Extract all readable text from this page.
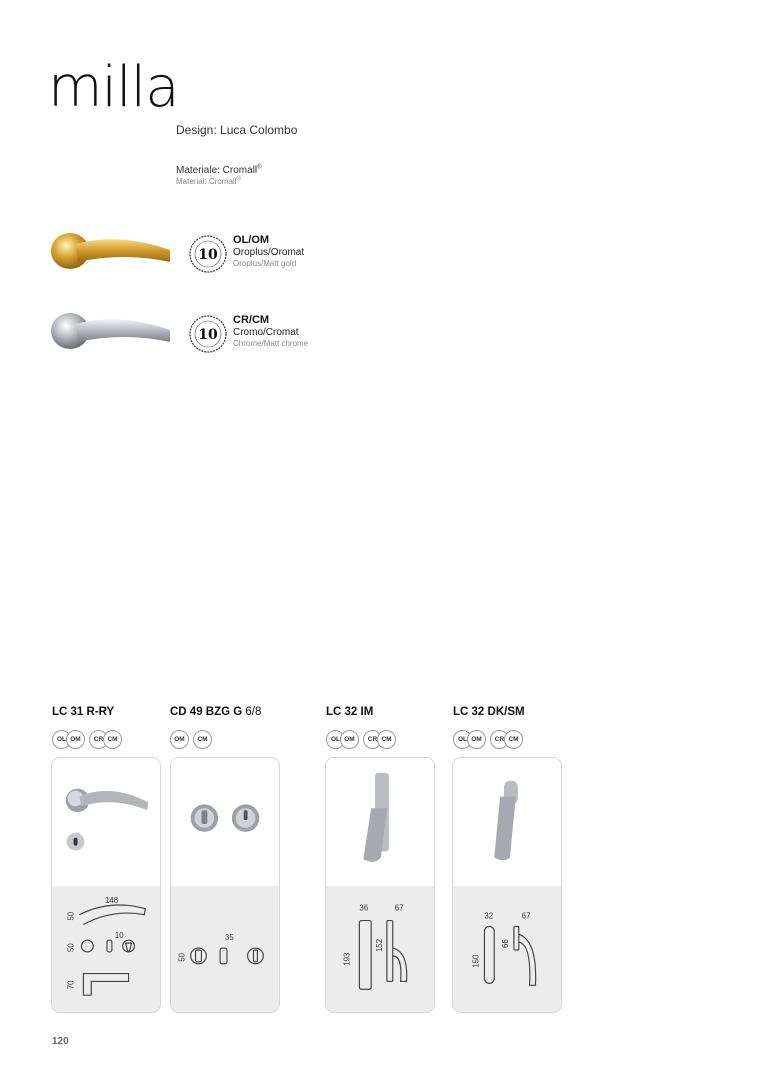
milla
Design: Luca Colombo
Materiale: Cromall®
Material: Cromall®
10
OL/OM
Oroplus/Oromat
Oroplus/Matt gold
10
CR/CM
Cromo/Cromat
Chrome/Matt chrome
LC 31 R-RY
OL OM CR CM
148
50
50
10
70
CD 49 BZG G 6/8
OM CM
35
50
LC 32 IM
OL OM CR CM
36	67
193
152
LC 32 DK/SM
OL OM CR CM
32	67
66
150
120
